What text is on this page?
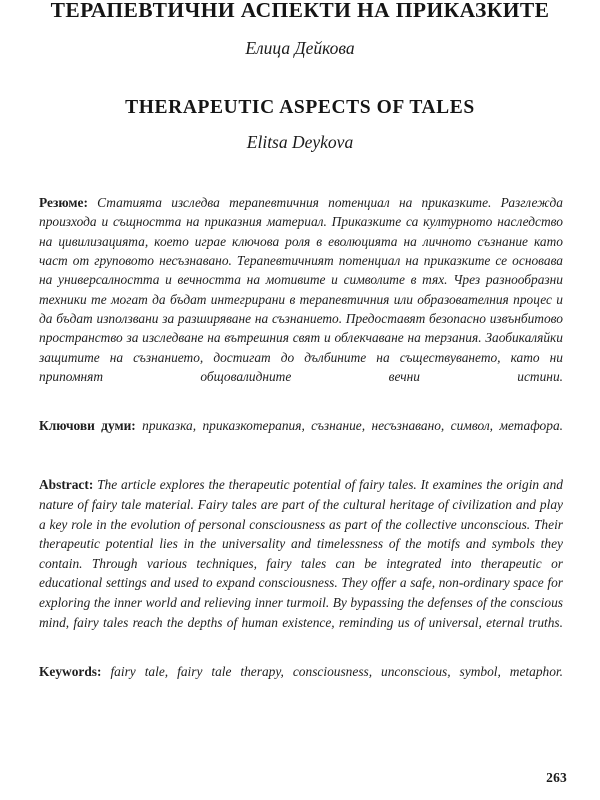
ТЕРАПЕВТИЧНИ АСПЕКТИ НА ПРИКАЗКИТЕ
Елица Дейкова
THERAPEUTIC ASPECTS OF TALES
Elitsa Deykova

Резюме: Статията изследва терапевтичния потенциал на приказките. Разглежда произхода и същността на приказния материал. Приказките са културното наследство на цивилизацията, което играе ключова роля в еволюцията на личното съзнание като част от груповото несъзнавано. Терапевтичният потенциал на приказките се основава на универсалността и вечността на мотивите и символите в тях. Чрез разнообразни техники те могат да бъдат интегрирани в терапевтичния или образователния процес и да бъдат използвани за разширяване на съзнанието. Предоставят безопасно извънбитово пространство за изследване на вътрешния свят и облекчаване на терзания. Заобикаляйки защитите на съзнанието, достигат до дълбините на съществуването, като ни припомнят общовалидните вечни истини.

Ключови думи: приказка, приказкотерапия, съзнание, несъзнавано, символ, метафора.

Abstract: The article explores the therapeutic potential of fairy tales. It examines the origin and nature of fairy tale material. Fairy tales are part of the cultural heritage of civilization and play a key role in the evolution of personal consciousness as part of the collective unconscious. Their therapeutic potential lies in the universality and timelessness of the motifs and symbols they contain. Through various techniques, fairy tales can be integrated into therapeutic or educational settings and used to expand consciousness. They offer a safe, non-ordinary space for exploring the inner world and relieving inner turmoil. By bypassing the defenses of the conscious mind, fairy tales reach the depths of human existence, reminding us of universal, eternal truths.

Keywords: fairy tale, fairy tale therapy, consciousness, unconscious, symbol, metaphor.

263
